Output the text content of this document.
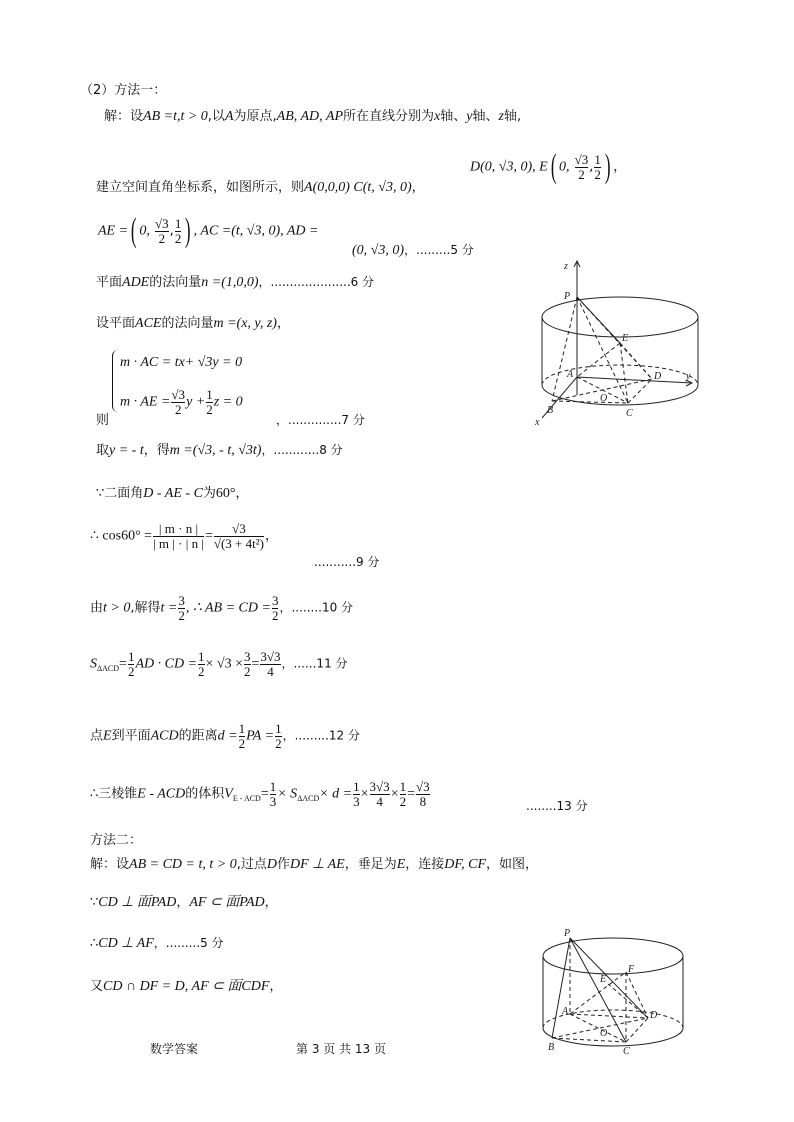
（2）方法一：
解：设AB =t,t > 0,以A为原点,AB, AD, AP所在直线分别为x轴、y轴、z轴,
建立空间直角坐标系，如图所示，则A(0,0,0) C(t, √3, 0)，
D(0, √3, 0), E( 0, $\frac{√3}{2}$ , $\frac{1}{2}$ ) ，
AE =( 0, $\frac{√3}{2}$ , $\frac{1}{2}$ ) , AC =(t, √3, 0), AD =
(0, √3, 0)，.........5 分
平面ADE的法向量n =(1,0,0)，.....................6 分
设平面ACE的法向量m =(x, y, z)，
m · AC = tx+ √3y = 0
m · AE = $\frac{√3}{2}$ $y + \frac{1}{2}$ z = 0
则	，..............7 分
取y = - t，得m =(√3, - t, √3t)，............8 分
∵二面角D - AE - C为60°，
∴ $\cos 60^\circ = \frac{| m \cdot n |}{| m | \cdot | n |} = \frac{√3}{\text{√(3 + 4t²)}}$ ，
...........9 分
由t > 0,解得$t = \frac{3}{2}$ , ∴ AB = CD = $\frac{3}{2}$ ，........10 分
$S_{\Delta ACD}= \frac{1}{2}$ AD · CD = $\frac{1}{2} \times √3 \times \frac{3}{2} = \frac{3√3}{4}$ ，......11 分
点E到平面ACD的距离$d = \frac{1}{2}$ PA = $\frac{1}{2}$ ，.........12 分
∴三棱锥E - ACD的体积$V_{E - ACD}= \frac{1}{3} \times S_{\Delta ACD}\times d = \frac{1}{3} \times \frac{3√3}{4} \times \frac{1}{2} = \frac{√3}{8}$	........13 分
方法二：
解：设AB = CD = t, t > 0,过点D作DF ⊥ AE，垂足为E，连接DF, CF，如图，
∵CD ⊥ 面PAD，AF ⊂ 面PAD，
∴CD ⊥ AF，.........5 分
又CD ∩ DF = D, AF ⊂ 面CDF，
数学答案	第 3 页 共 13 页
z
P
E
A	D y
O
B	C
x
P
F
E
A	D
O
B	C
